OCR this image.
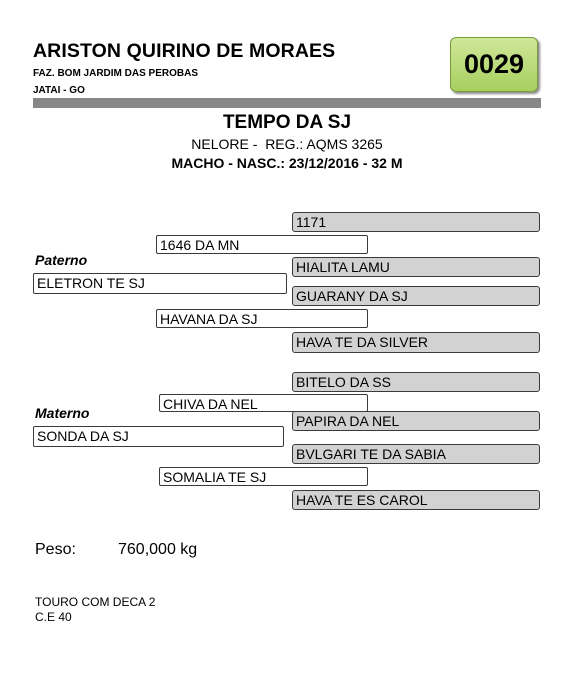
ARISTON QUIRINO DE MORAES
FAZ. BOM JARDIM DAS PEROBAS
JATAI - GO
0029
TEMPO DA SJ
NELORE -  REG.: AQMS 3265
MACHO - NASC.: 23/12/2016 - 32 M
1171
1646 DA MN
Paterno	HIALITA LAMU
ELETRON TE SJ
GUARANY DA SJ
HAVANA DA SJ
HAVA TE DA SILVER
BITELO DA SS
CHIVA DA NEL
Materno	PAPIRA DA NEL
SONDA DA SJ
BVLGARI TE DA SABIA
SOMALIA TE SJ
HAVA TE ES CAROL
Peso:	760,000 kg
TOURO COM DECA 2
C.E 40
